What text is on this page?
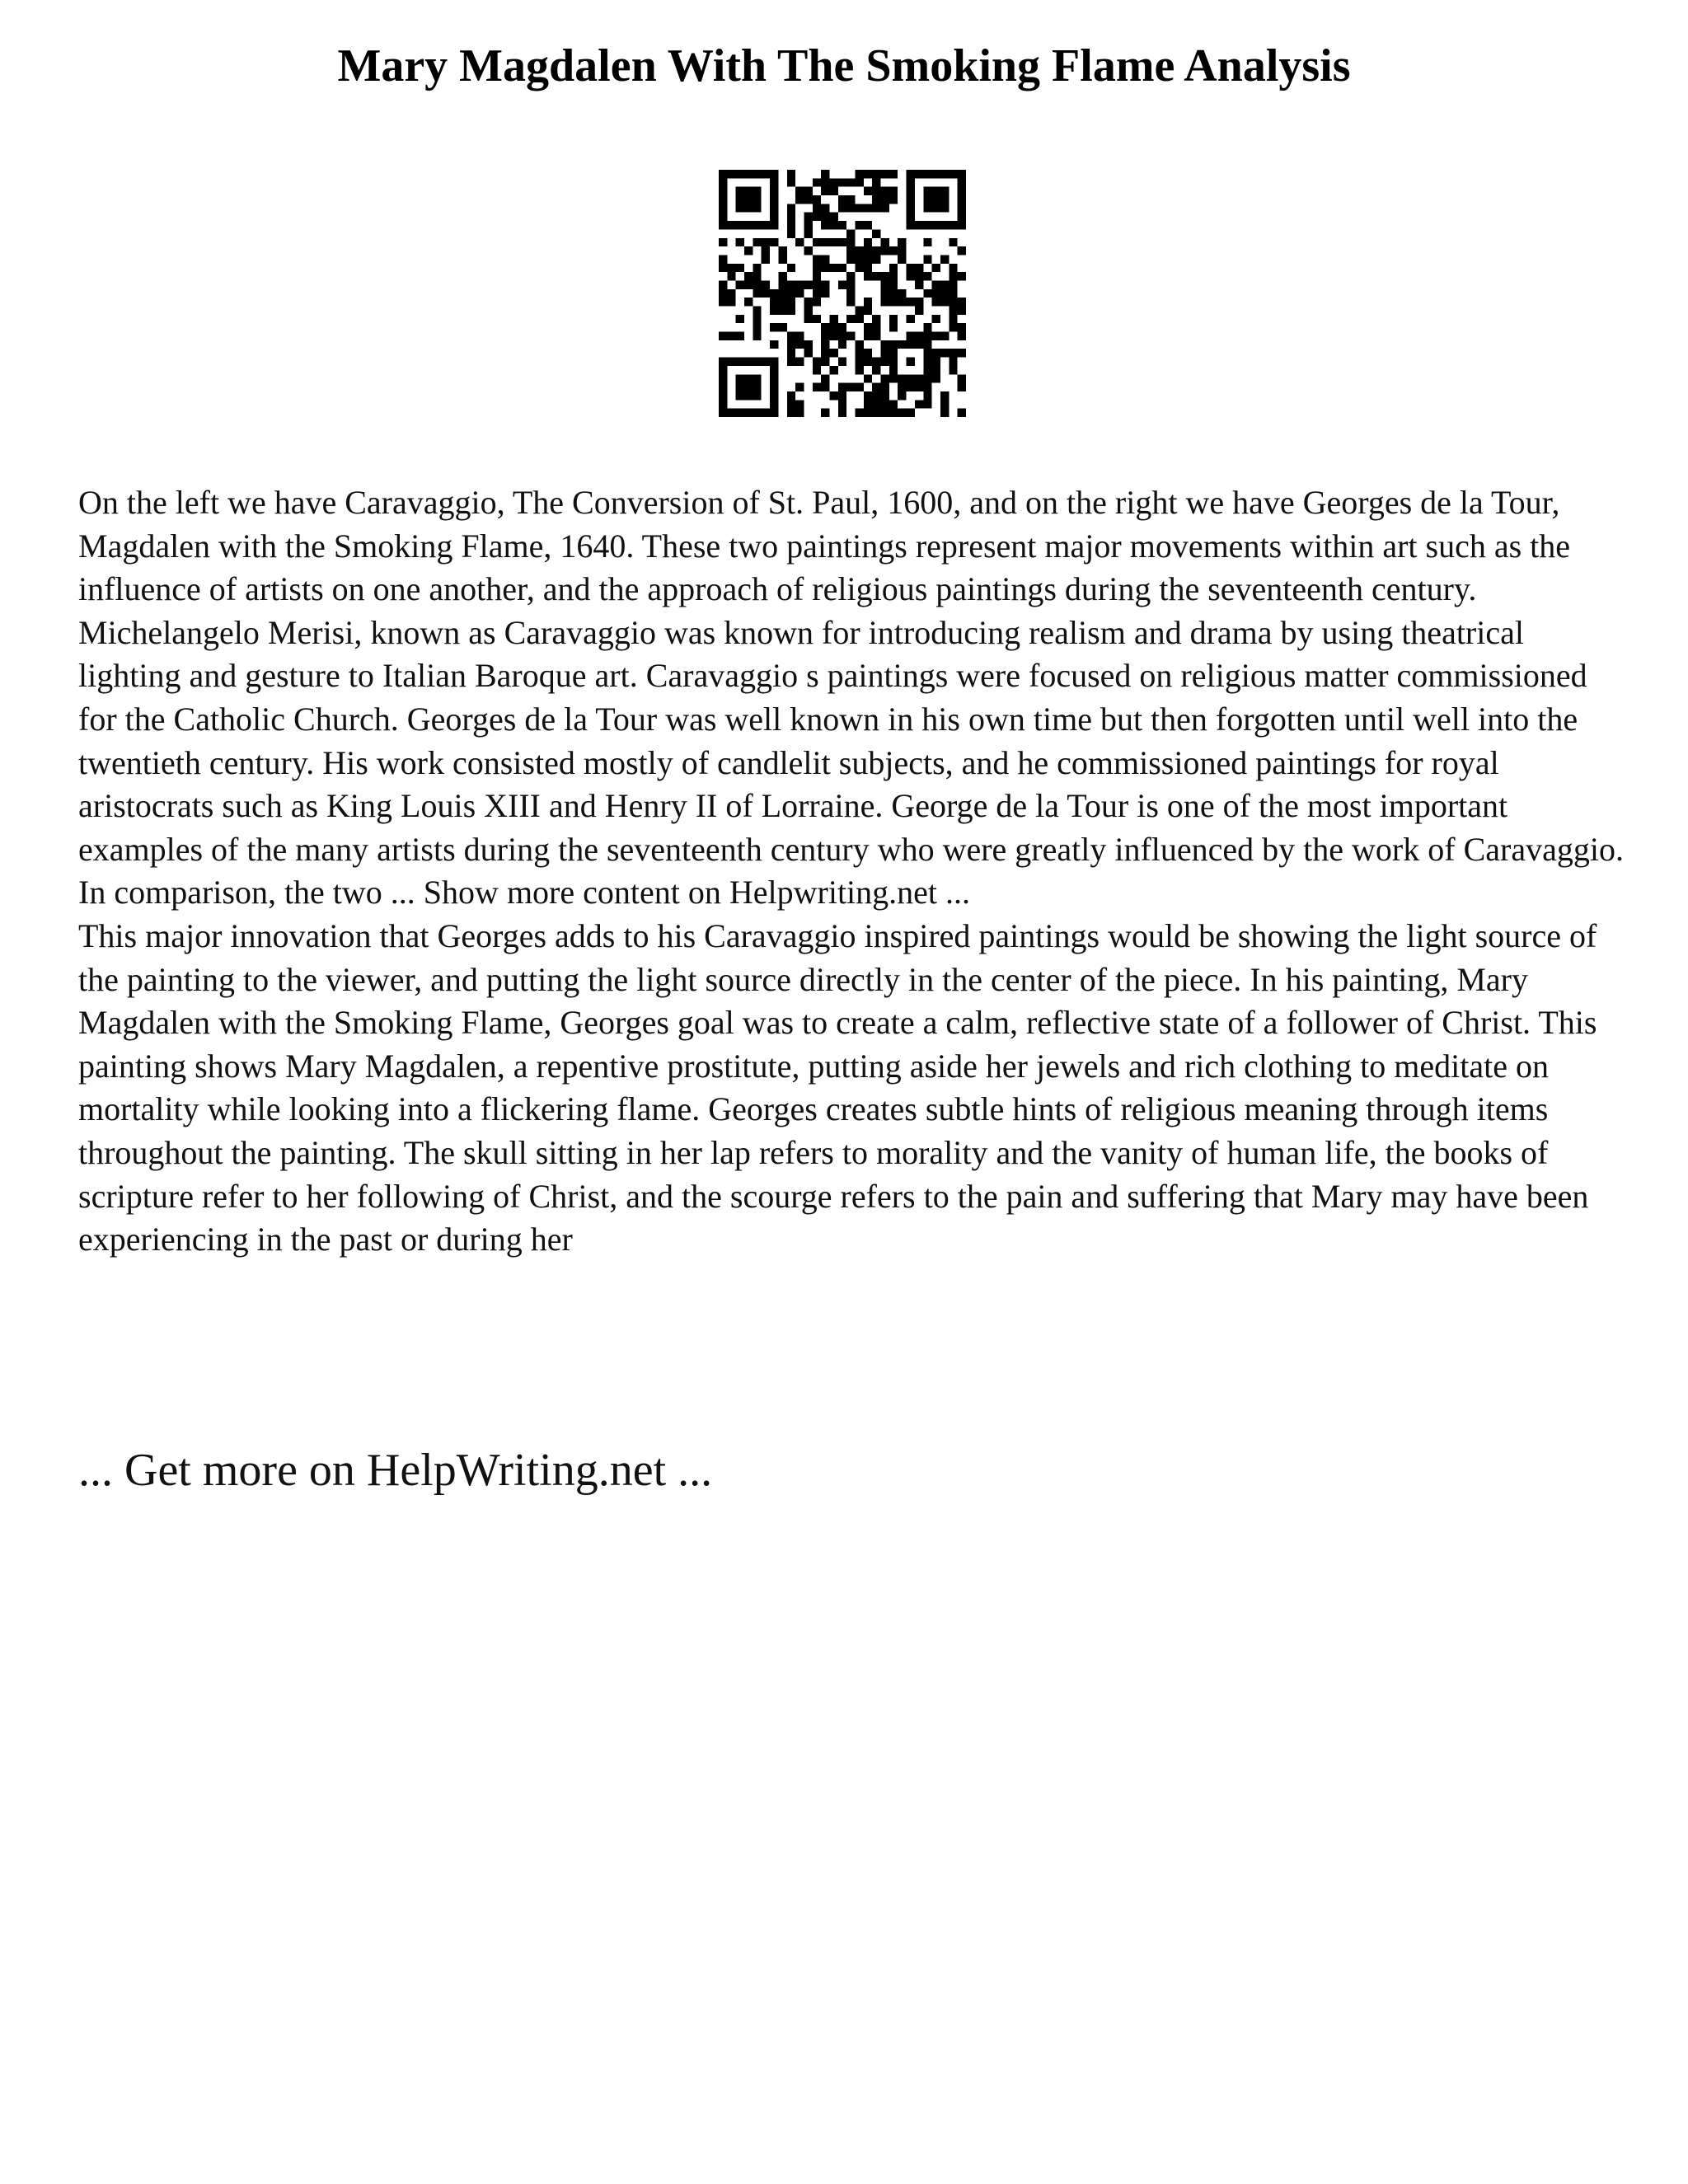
Mary Magdalen With The Smoking Flame Analysis

On the left we have Caravaggio, The Conversion of St. Paul, 1600, and on the right we have Georges de la Tour, Magdalen with the Smoking Flame, 1640. These two paintings represent major movements within art such as the influence of artists on one another, and the approach of religious paintings during the seventeenth century. Michelangelo Merisi, known as Caravaggio was known for introducing realism and drama by using theatrical lighting and gesture to Italian Baroque art. Caravaggio s paintings were focused on religious matter commissioned for the Catholic Church. Georges de la Tour was well known in his own time but then forgotten until well into the twentieth century. His work consisted mostly of candlelit subjects, and he commissioned paintings for royal aristocrats such as King Louis XIII and Henry II of Lorraine. George de la Tour is one of the most important examples of the many artists during the seventeenth century who were greatly influenced by the work of Caravaggio.

In comparison, the two ... Show more content on Helpwriting.net ...

This major innovation that Georges adds to his Caravaggio inspired paintings would be showing the light source of the painting to the viewer, and putting the light source directly in the center of the piece. In his painting, Mary Magdalen with the Smoking Flame, Georges goal was to create a calm, reflective state of a follower of Christ. This painting shows Mary Magdalen, a repentive prostitute, putting aside her jewels and rich clothing to meditate on mortality while looking into a flickering flame. Georges creates subtle hints of religious meaning through items throughout the painting. The skull sitting in her lap refers to morality and the vanity of human life, the books of scripture refer to her following of Christ, and the scourge refers to the pain and suffering that Mary may have been experiencing in the past or during her

... Get more on HelpWriting.net ...
